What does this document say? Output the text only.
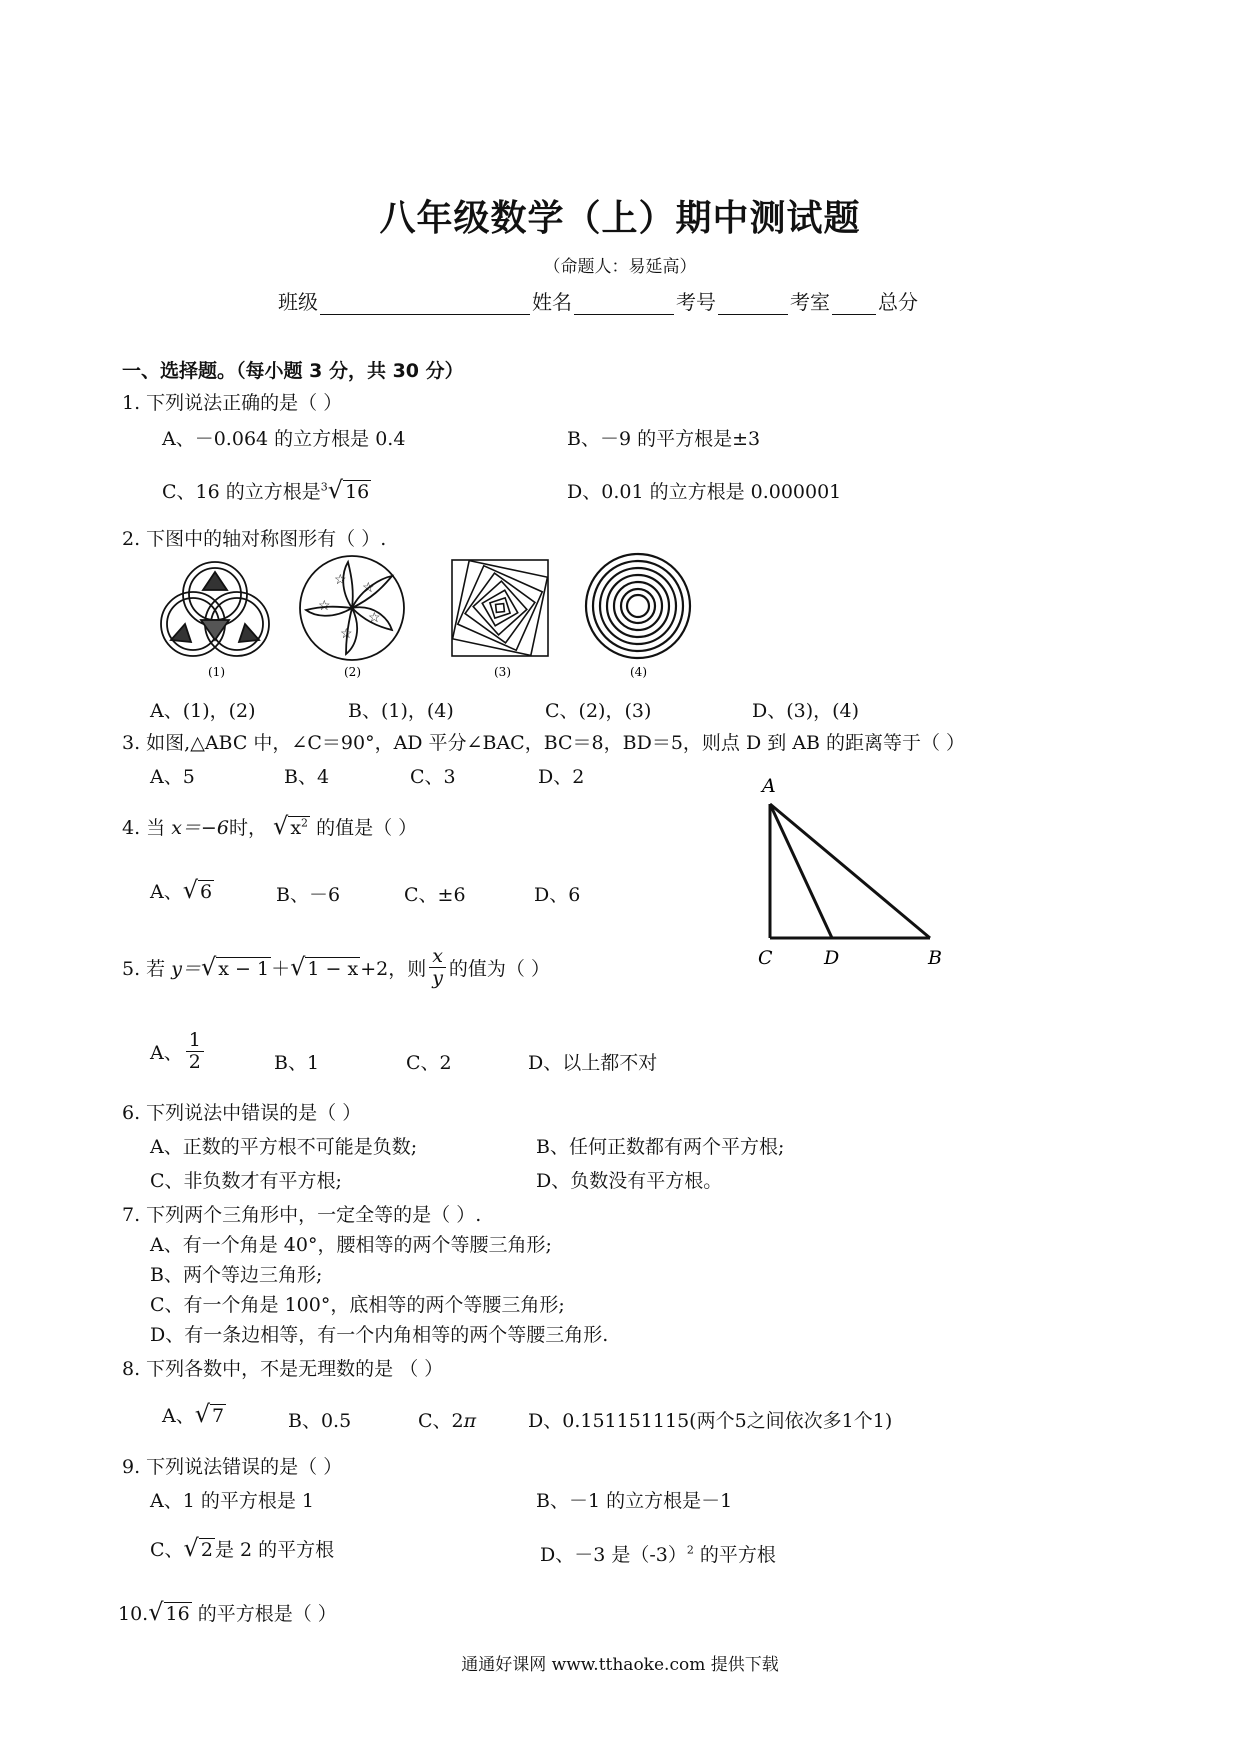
八年级数学（上）期中测试题
（命题人：易延高）
班级	姓名	考号	考室 总分
一、选择题。（每小题 3 分，共 30 分）
1. 下列说法正确的是（ ）
A、－0.064 的立方根是 0.4	B、－9 的平方根是±3
C、16 的立方根是$^3$√ 16	D、0.01 的立方根是 0.000001
2. 下图中的轴对称图形有（ ）.
(1)
☆
☆
☆
☆
☆
(2)	(3)	(4)
A、(1)，(2)	B、(1)，(4)	C、(2)，(3)	D、(3)，(4)
3. 如图,△ABC 中，∠C＝90°，AD 平分∠BAC，BC＝8，BD＝5，则点 D 到 AB 的距离等于（ ）
A、5	B、4	C、3	D、2	A
C	D	B
4. 当 x＝−6时， √ $x^2$ 的值是（ ）
A、√ 6	B、－6	C、±6	D、6
5. 若
y＝ √ x − 1 ＋ √ 1 − x +2，则 $\frac{x}{y}$ 的值为（ ）
A、 $\frac{1}{2}$	B、1	C、2	D、以上都不对
6. 下列说法中错误的是（ ）
A、正数的平方根不可能是负数;	B、任何正数都有两个平方根;
C、非负数才有平方根;	D、负数没有平方根。
7. 下列两个三角形中，一定全等的是（ ）.
A、有一个角是 40°，腰相等的两个等腰三角形;
B、两个等边三角形;
C、有一个角是 100°，底相等的两个等腰三角形;
D、有一条边相等，有一个内角相等的两个等腰三角形.
8. 下列各数中，不是无理数的是 （ ）
A、√ 7	B、0.5	C、2π	D、0.151151115(两个5之间依次多1个1)
9. 下列说法错误的是（ ）
A、1 的平方根是 1	B、－1 的立方根是－1
C、√ 2 是 2 的平方根	D、－3 是$(-3)^2$ 的平方根
10.√ 16 的平方根是（ ）
通通好课网 www.tthaoke.com 提供下载
